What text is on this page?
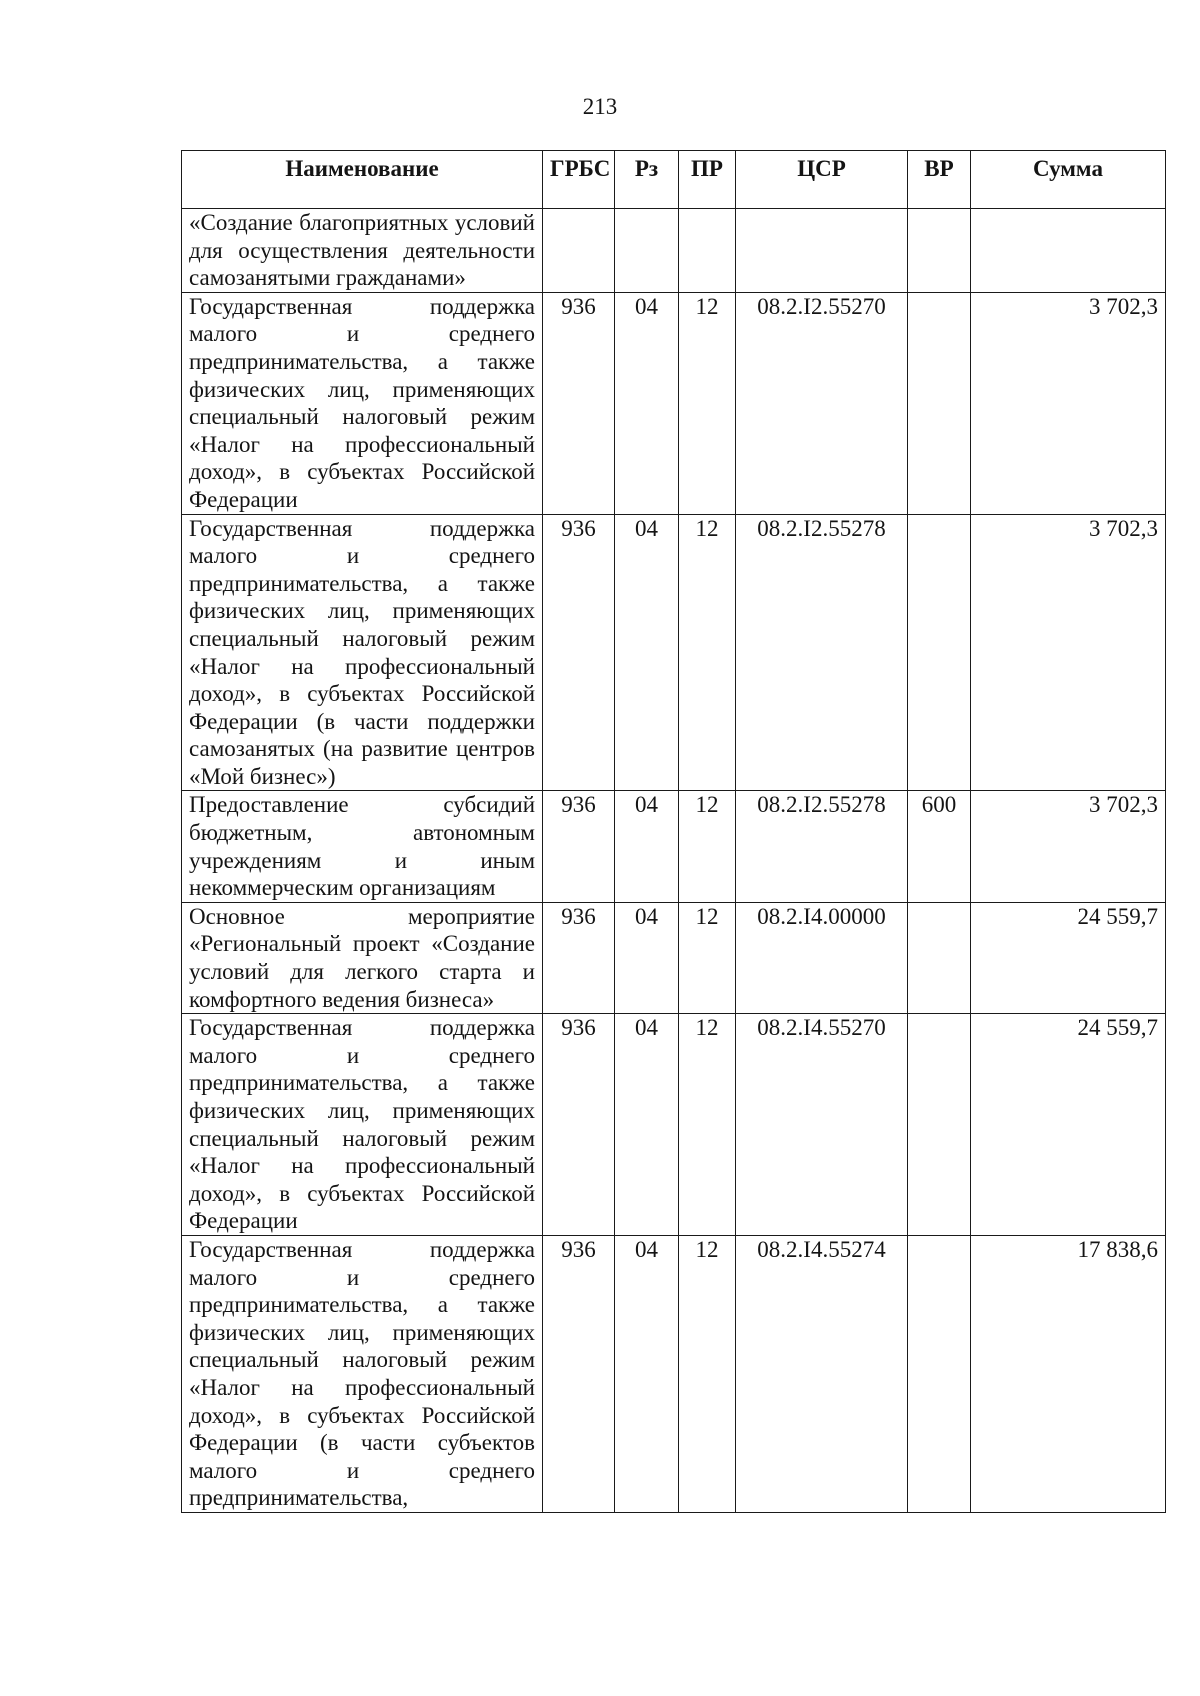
213
Наименование	ГРБС	Рз	ПР	ЦСР	ВР	Сумма
«Создание благоприятных условий для осуществления деятельности самозанятыми гражданами»						
Государственная поддержка малого и среднего предпринимательства, а также физических лиц, применяющих специальный налоговый режим «Налог на профессиональный доход», в субъектах Российской Федерации	936	04	12	08.2.I2.55270		3 702,3
Государственная поддержка малого и среднего предпринимательства, а также физических лиц, применяющих специальный налоговый режим «Налог на профессиональный доход», в субъектах Российской Федерации (в части поддержки самозанятых (на развитие центров «Мой бизнес»)	936	04	12	08.2.I2.55278		3 702,3
Предоставление субсидий бюджетным, автономным учреждениям и иным некоммерческим организациям	936	04	12	08.2.I2.55278	600	3 702,3
Основное мероприятие «Региональный проект «Создание условий для легкого старта и комфортного ведения бизнеса»	936	04	12	08.2.I4.00000		24 559,7
Государственная поддержка малого и среднего предпринимательства, а также физических лиц, применяющих специальный налоговый режим «Налог на профессиональный доход», в субъектах Российской Федерации	936	04	12	08.2.I4.55270		24 559,7
Государственная поддержка малого и среднего предпринимательства, а также физических лиц, применяющих специальный налоговый режим «Налог на профессиональный доход», в субъектах Российской Федерации (в части субъектов малого и среднего предпринимательства,	936	04	12	08.2.I4.55274		17 838,6
